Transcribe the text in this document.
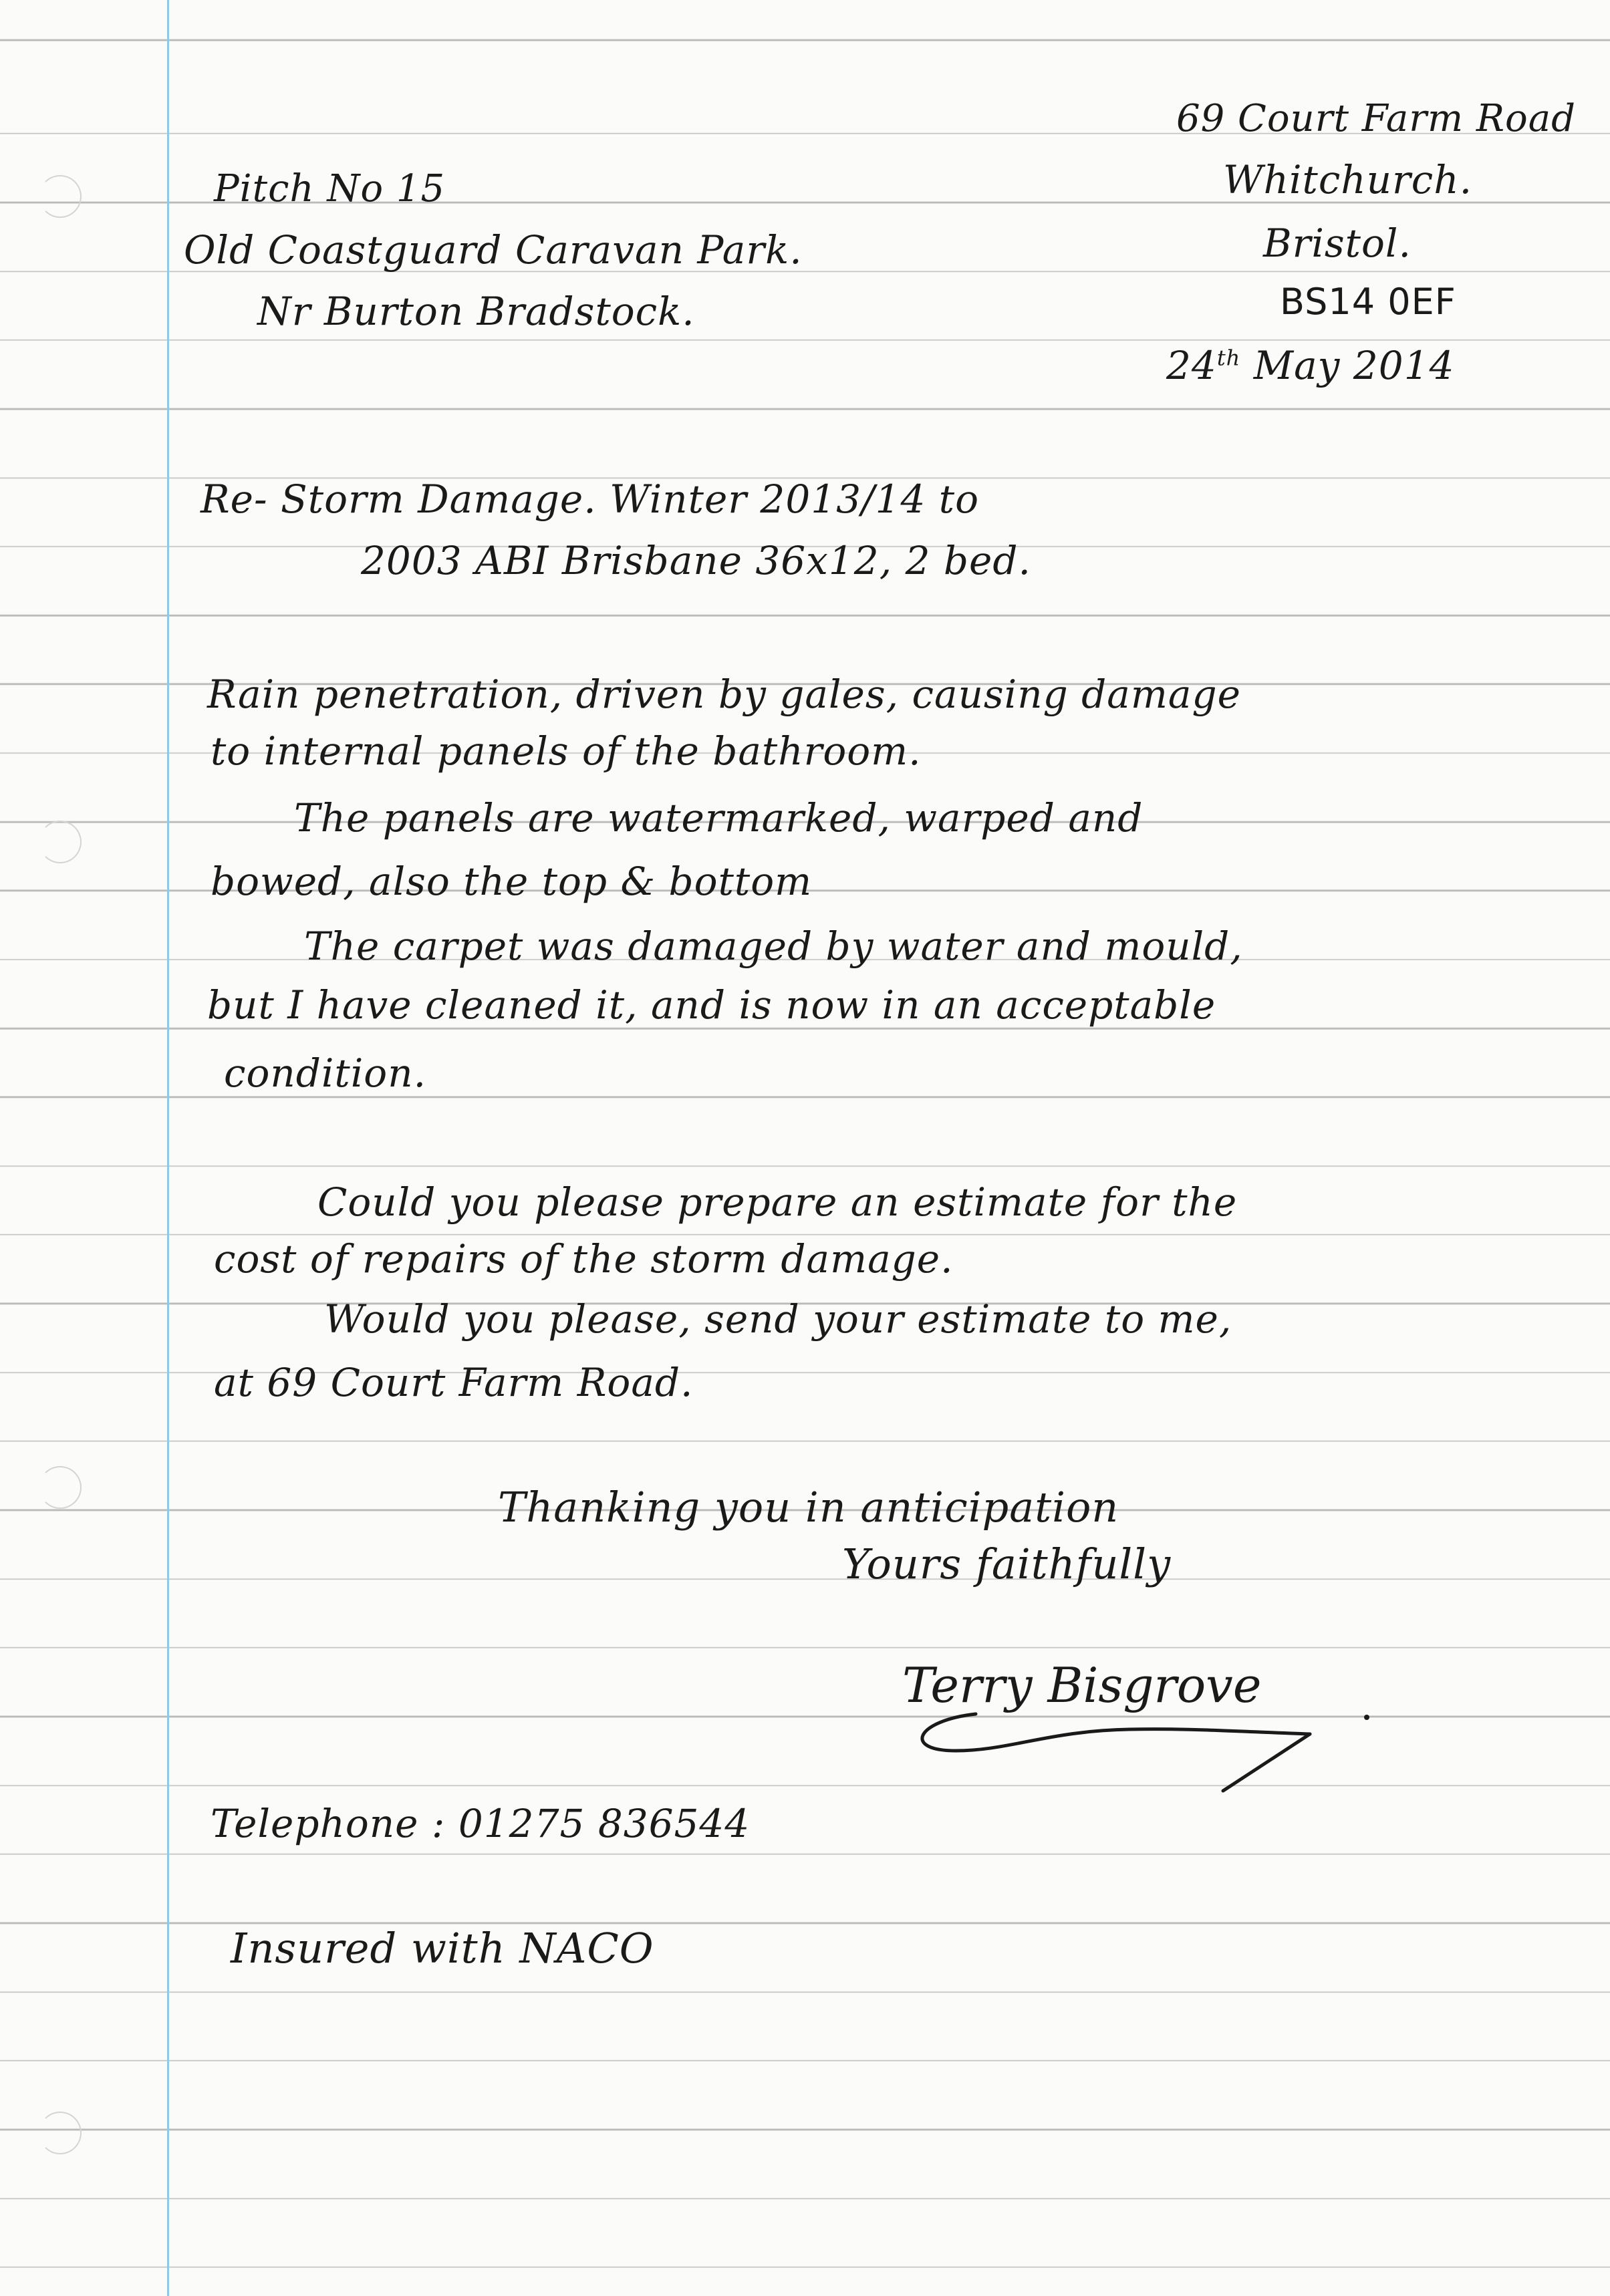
69 Court Farm Road
Whitchurch.
Bristol.
BS14 0EF
24th May 2014
Pitch No 15
Old Coastguard Caravan Park.
Nr Burton Bradstock.
Re- Storm Damage. Winter 2013/14 to
2003 ABI Brisbane 36x12, 2 bed.
Rain penetration, driven by gales, causing damage
to internal panels of the bathroom.
The panels are watermarked, warped and
bowed, also the top & bottom
The carpet was damaged by water and mould,
but I have cleaned it, and is now in an acceptable
condition.
Could you please prepare an estimate for the
cost of repairs of the storm damage.
Would you please, send your estimate to me,
at 69 Court Farm Road.
Thanking you in anticipation
Yours faithfully
Terry Bisgrove
Telephone : 01275 836544
Insured with NACO
